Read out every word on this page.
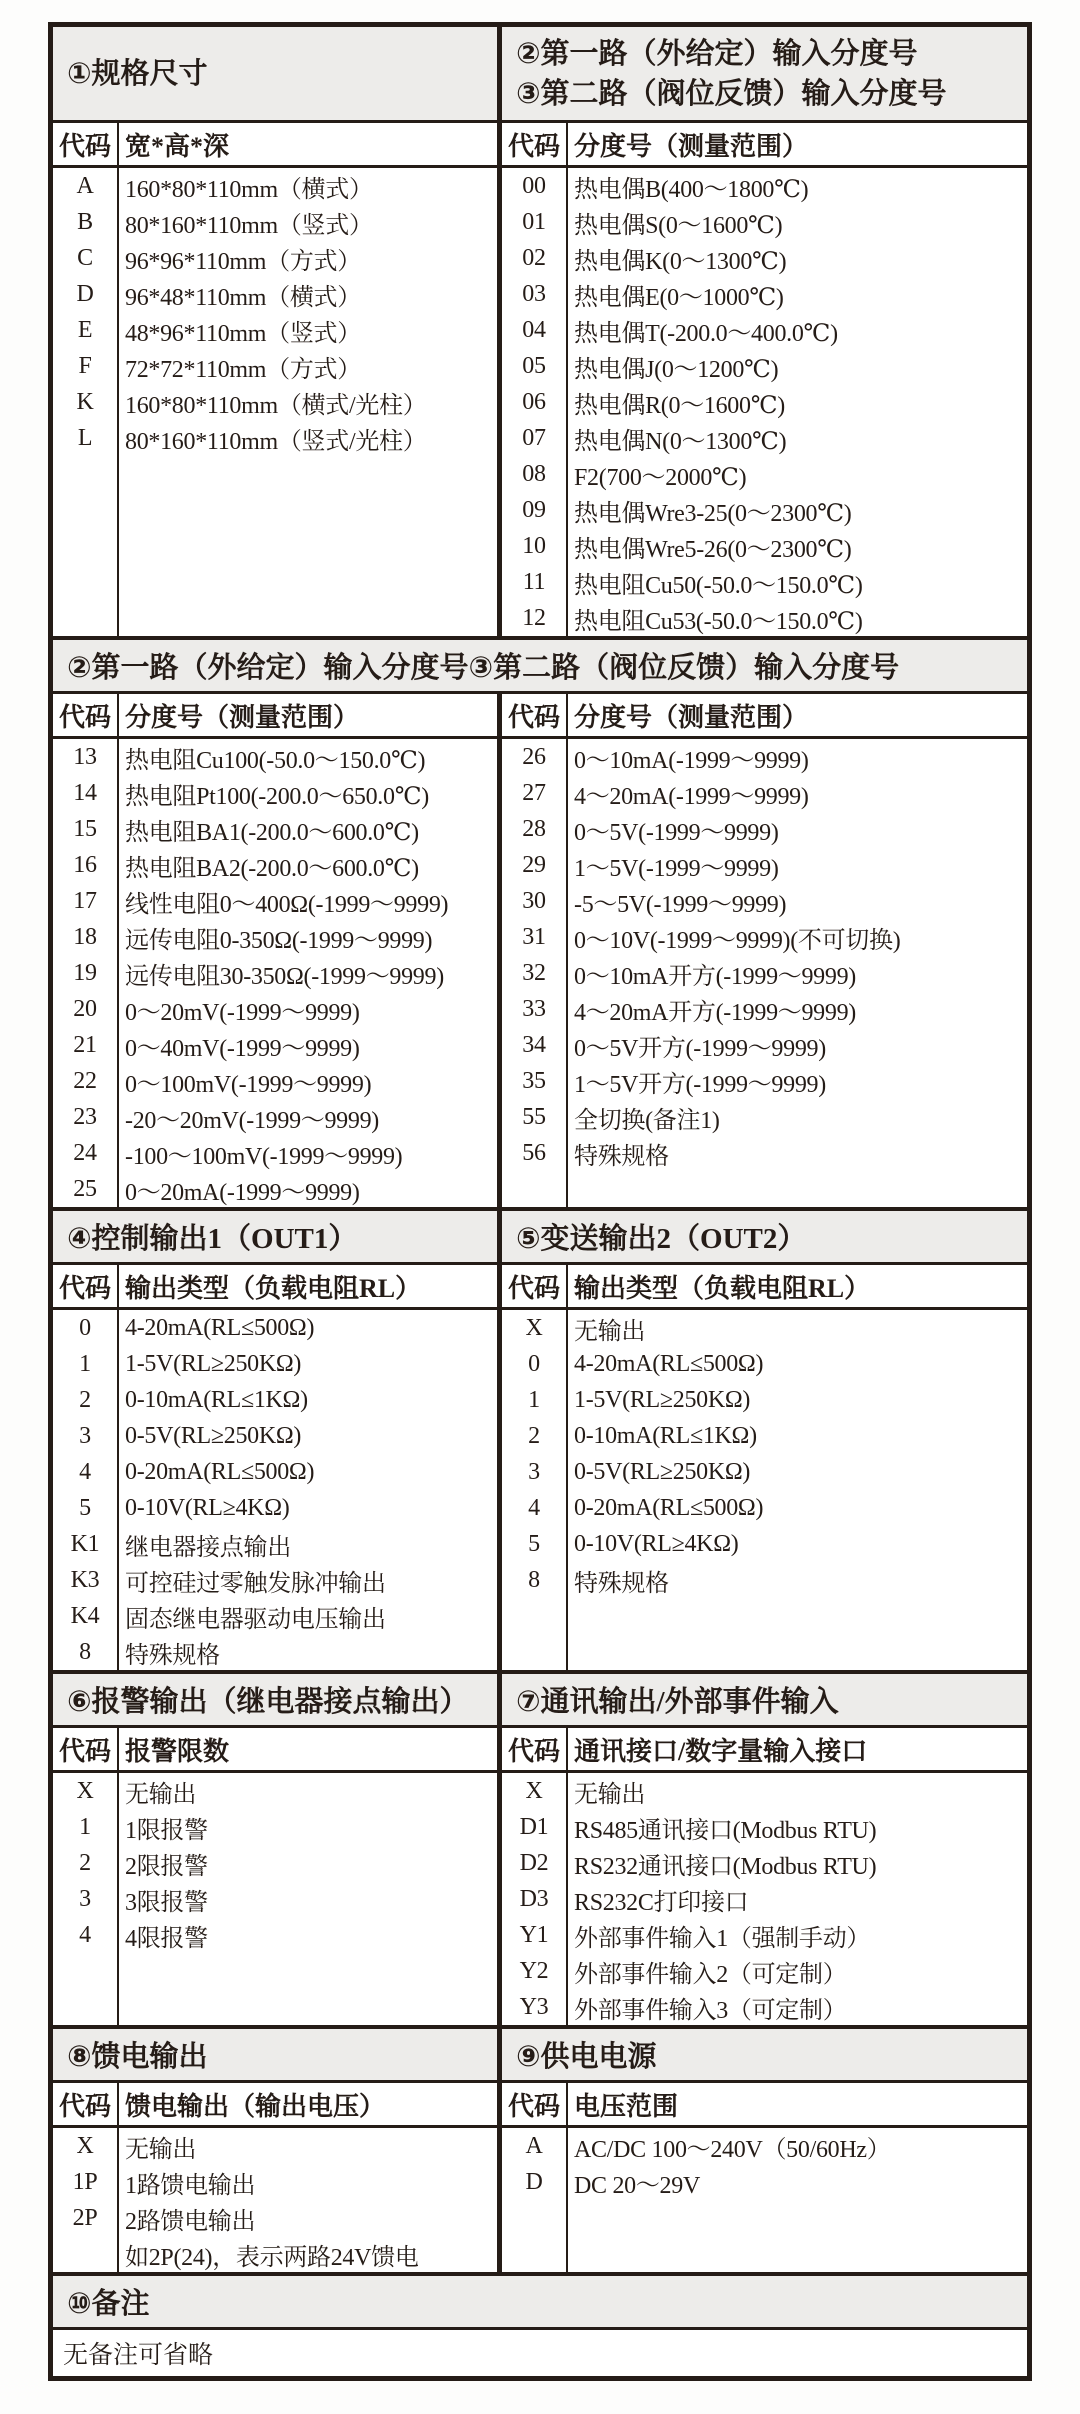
①规格尺寸
代码 宽*高*深
A	160*80*110mm（横式）
B	80*160*110mm（竖式）
C	96*96*110mm（方式）
D	96*48*110mm（横式）
E	48*96*110mm（竖式）
F	72*72*110mm（方式）
K	160*80*110mm（横式/光柱）
L	80*160*110mm（竖式/光柱）
②第一路（外给定）输入分度号
③第二路（阀位反馈）输入分度号
代码 分度号（测量范围）
00	热电偶B(400～1800℃)
01	热电偶S(0～1600℃)
02	热电偶K(0～1300℃)
03	热电偶E(0～1000℃)
04	热电偶T(-200.0～400.0℃)
05	热电偶J(0～1200℃)
06	热电偶R(0～1600℃)
07	热电偶N(0～1300℃)
08	F2(700～2000℃)
09	热电偶Wre3-25(0～2300℃)
10	热电偶Wre5-26(0～2300℃)
11	热电阻Cu50(-50.0～150.0℃)
12	热电阻Cu53(-50.0～150.0℃)
②第一路（外给定）输入分度号③第二路（阀位反馈）输入分度号
代码 分度号（测量范围）
13	热电阻Cu100(-50.0～150.0℃)
14	热电阻Pt100(-200.0～650.0℃)
15	热电阻BA1(-200.0～600.0℃)
16	热电阻BA2(-200.0～600.0℃)
17	线性电阻0～400Ω(-1999～9999)
18	远传电阻0-350Ω(-1999～9999)
19	远传电阻30-350Ω(-1999～9999)
20	0～20mV(-1999～9999)
21	0～40mV(-1999～9999)
22	0～100mV(-1999～9999)
23	-20～20mV(-1999～9999)
24	-100～100mV(-1999～9999)
25	0～20mA(-1999～9999)
代码 分度号（测量范围）
26	0～10mA(-1999～9999)
27	4～20mA(-1999～9999)
28	0～5V(-1999～9999)
29	1～5V(-1999～9999)
30	-5～5V(-1999～9999)
31	0～10V(-1999～9999)(不可切换)
32	0～10mA开方(-1999～9999)
33	4～20mA开方(-1999～9999)
34	0～5V开方(-1999～9999)
35	1～5V开方(-1999～9999)
55	全切换(备注1)
56	特殊规格
④控制输出1（OUT1）
代码 输出类型（负载电阻RL）
0	4-20mA(RL≤500Ω)
1	1-5V(RL≥250KΩ)
2	0-10mA(RL≤1KΩ)
3	0-5V(RL≥250KΩ)
4	0-20mA(RL≤500Ω)
5	0-10V(RL≥4KΩ)
K1	继电器接点输出
K3	可控硅过零触发脉冲输出
K4	固态继电器驱动电压输出
8	特殊规格
⑤变送输出2（OUT2）
代码 输出类型（负载电阻RL）
X	无输出
0	4-20mA(RL≤500Ω)
1	1-5V(RL≥250KΩ)
2	0-10mA(RL≤1KΩ)
3	0-5V(RL≥250KΩ)
4	0-20mA(RL≤500Ω)
5	0-10V(RL≥4KΩ)
8	特殊规格
⑥报警输出（继电器接点输出）
代码 报警限数
X	无输出
1	1限报警
2	2限报警
3	3限报警
4	4限报警
⑦通讯输出/外部事件输入
代码 通讯接口/数字量输入接口
X	无输出
D1	RS485通讯接口(Modbus RTU)
D2	RS232通讯接口(Modbus RTU)
D3	RS232C打印接口
Y1	外部事件输入1（强制手动）
Y2	外部事件输入2（可定制）
Y3	外部事件输入3（可定制）
⑧馈电输出
代码 馈电输出（输出电压）
X	无输出
1P	1路馈电输出
2P	2路馈电输出
如2P(24)，表示两路24V馈电
⑨供电电源
代码 电压范围
A	AC/DC 100～240V（50/60Hz）
D	DC 20～29V
⑩备注
无备注可省略
